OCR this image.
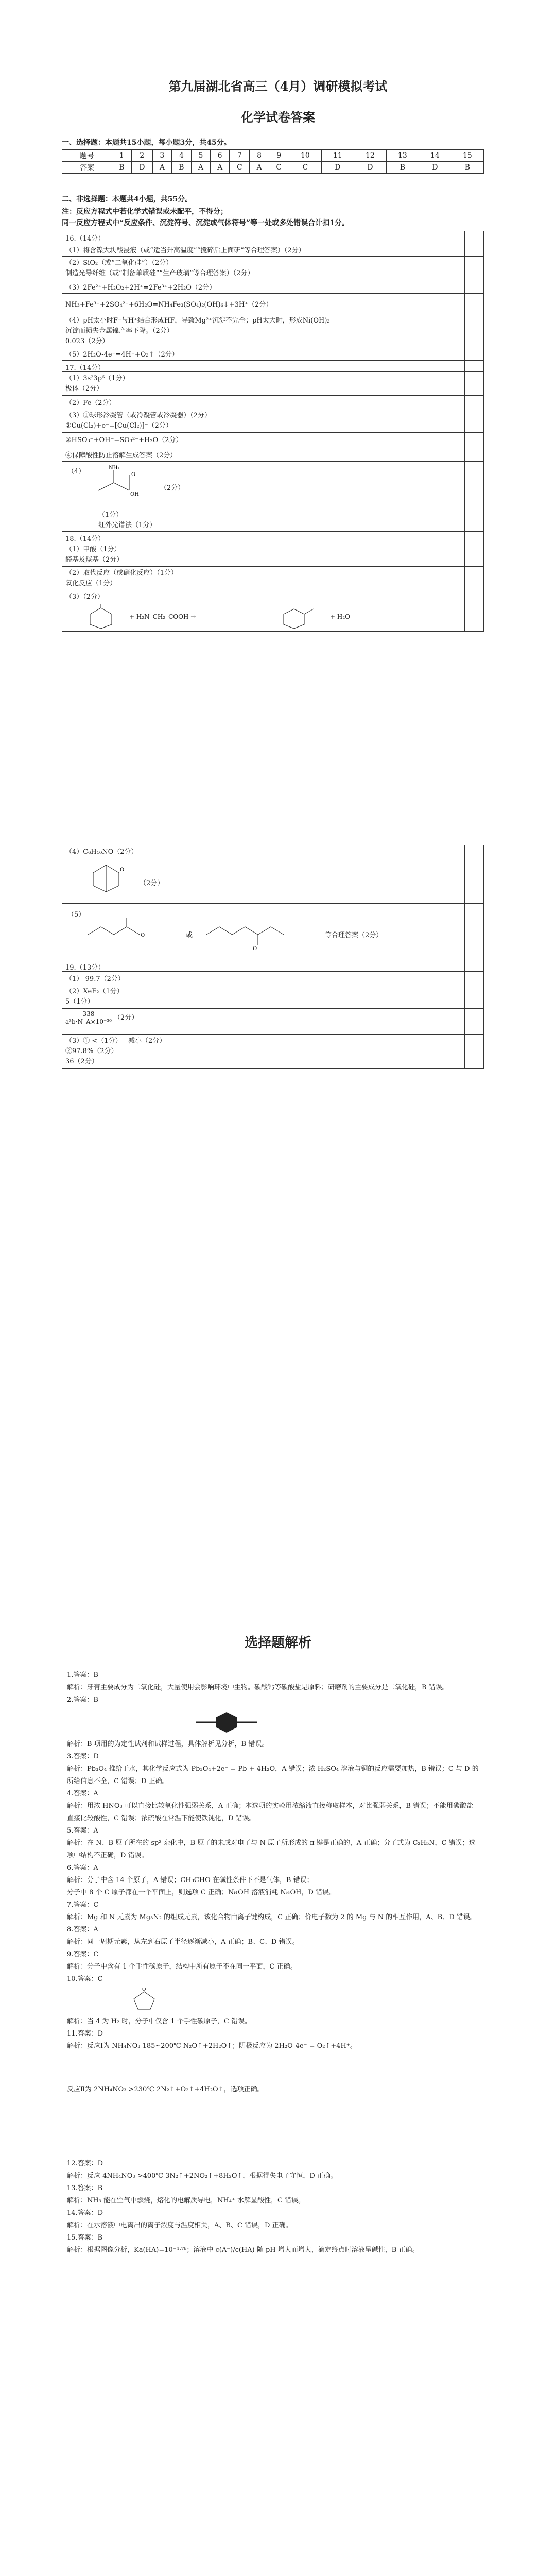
第九届湖北省高三（4月）调研模拟考试
化学试卷答案
一、选择题：本题共15小题，每小题3分，共45分。
题号	1	2	3	4	5	6	7	8	9	10	11	12	13	14	15
答案	B	D	A	B	A	A	C	A	C	C	D	D	B	D	B
二、非选择题：本题共4小题，共55分。
注：反应方程式中若化学式错误或未配平，不得分；
同一反应方程式中“反应条件、沉淀符号、沉淀或气体符号”等一处或多处错误合计扣1分。
16.（14分）
（1）将含镍大块酸浸液（或“适当升高温度”“搅碎后上面研”等合理答案）（2分）
（2）SiO₂（或“二氧化硅”）（2分）
制造光导纤维（或“制备单质硅”“生产玻璃”等合理答案）（2分）
（3）2Fe²⁺+H₂O₂+2H⁺=2Fe³⁺+2H₂O（2分）
NH₃+Fe³⁺+2SO₄²⁻+6H₂O=NH₄Fe₃(SO₄)₂(OH)₆↓+3H⁺（2分）
（4）pH太小时F⁻与H⁺结合形成HF，导致Mg²⁺沉淀不完全；pH太大时，形成Ni(OH)₂
沉淀而损失金属镍产率下降。（2分）
0.023（2分）
（5）2H₂O-4e⁻=4H⁺+O₂↑（2分）
17.（14分）
（1）3s²3p⁶（1分）
极体（2分）
（2）Fe（2分）
（3）①球形冷凝管（或冷凝管或冷凝器）（2分）
②Cu(Cl₂)+e⁻=[Cu(Cl₂)]⁻（2分）
③HSO₃⁻+OH⁻=SO₃²⁻+H₂O（2分）
④保障酸性防止溶解生成答案（2分）
（4）	NH₂
O
OH
（2分）
（1分）
红外光谱法（1分）
18.（14分）
（1）甲酸（1分）
醛基及羰基（2分）
（2）取代反应（或硝化反应）（1分）
氧化反应（1分）
（3）（2分）
+ H₂N–CH₂–COOH →	+ H₂O
（4）C₆H₁₀NO（2分）
O
（2分）
（5）
O	或
O
等合理答案（2分）
19.（13分）
（1）-99.7（2分）
（2）XeF₂（1分）
5（1分）
$\frac{338}{\text{a³b·N\_A×10⁻³⁰}} (2$分）
（3）① <（1分） 减小（2分）
②97.8%（2分）
36（2分）
选择题解析

1.答案：B

解析：牙膏主要成分为二氧化硅，大量使用会影响环境中生物。碳酸钙等碳酸盐是原料；研磨剂的主要成分是二氧化硅，B 错误。

2.答案：B

解析：B 项用的为定性试剂和试样过程，具体解析见分析，B 错误。

3.答案：D

解析：Pb₃O₄ 推给于水，其化学反应式为 Pb₃O₄+2e⁻ = Pb + 4H₂O，A 错误；浓 H₂SO₄ 溶液与铜的反应需要加热，B 错误；C 与 D 的所给信息不全，C 错误；D 正确。

4.答案：A

解析：用浓 HNO₃ 可以直接比较氧化性强弱关系，A 正确；本选项的实验用浓缩液直接称取样本，对比强弱关系，B 错误；不能用碳酸盐直接比较酸性，C 错误；浓硫酸在常温下能使铁钝化，D 错误。

5.答案：A

解析：在 N、B 原子所在的 sp² 杂化中，B 原子的未成对电子与 N 原子所形成的 π 键是正确的，A 正确；分子式为 C₂H₅N，C 错误；选项中结构不正确，D 错误。

6.答案：A

解析：分子中含 14 个原子，A 错误；CH₃CHO 在碱性条件下不是气体，B 错误；

分子中 8 个 C 原子都在一个平面上，则选项 C 正确；NaOH 溶液消耗 NaOH，D 错误。

7.答案：C

解析：Mg 和 N 元素为 Mg₃N₂ 的组成元素，该化合物由离子键构成，C 正确；价电子数为 2 的 Mg 与 N 的相互作用，A、B、D 错误。

8.答案：A

解析：同一周期元素，从左到右原子半径逐渐减小，A 正确；B、C、D 错误。

9.答案：C

解析：分子中含有 1 个手性碳原子，结构中所有原子不在同一平面，C 正确。

10.答案：C

O

解析：当 4 为 H₂ 时，分子中仅含 1 个手性碳原子，C 错误。

11.答案：D

解析：反应Ⅰ为 NH₄NO₃ 185~200℃ N₂O↑+2H₂O↑；阴极反应为 2H₂O-4e⁻ = O₂↑+4H⁺。

反应Ⅱ为 2NH₄NO₃ >230℃ 2N₂↑+O₂↑+4H₂O↑，选项正确。

12.答案：D

解析：反应 4NH₄NO₃ >400℃ 3N₂↑+2NO₂↑+8H₂O↑，根据得失电子守恒，D 正确。

13.答案：B

解析：NH₃ 能在空气中燃烧，熔化的电解质导电，NH₄⁺ 水解显酸性，C 错误。

14.答案：D

解析：在水溶液中电离出的离子浓度与温度相关，A、B、C 错误，D 正确。

15.答案：B

解析：根据图像分析，Ka(HA)=10⁻⁴·⁷⁶；溶液中 c(A⁻)/c(HA) 随 pH 增大而增大，滴定终点时溶液呈碱性，B 正确。
